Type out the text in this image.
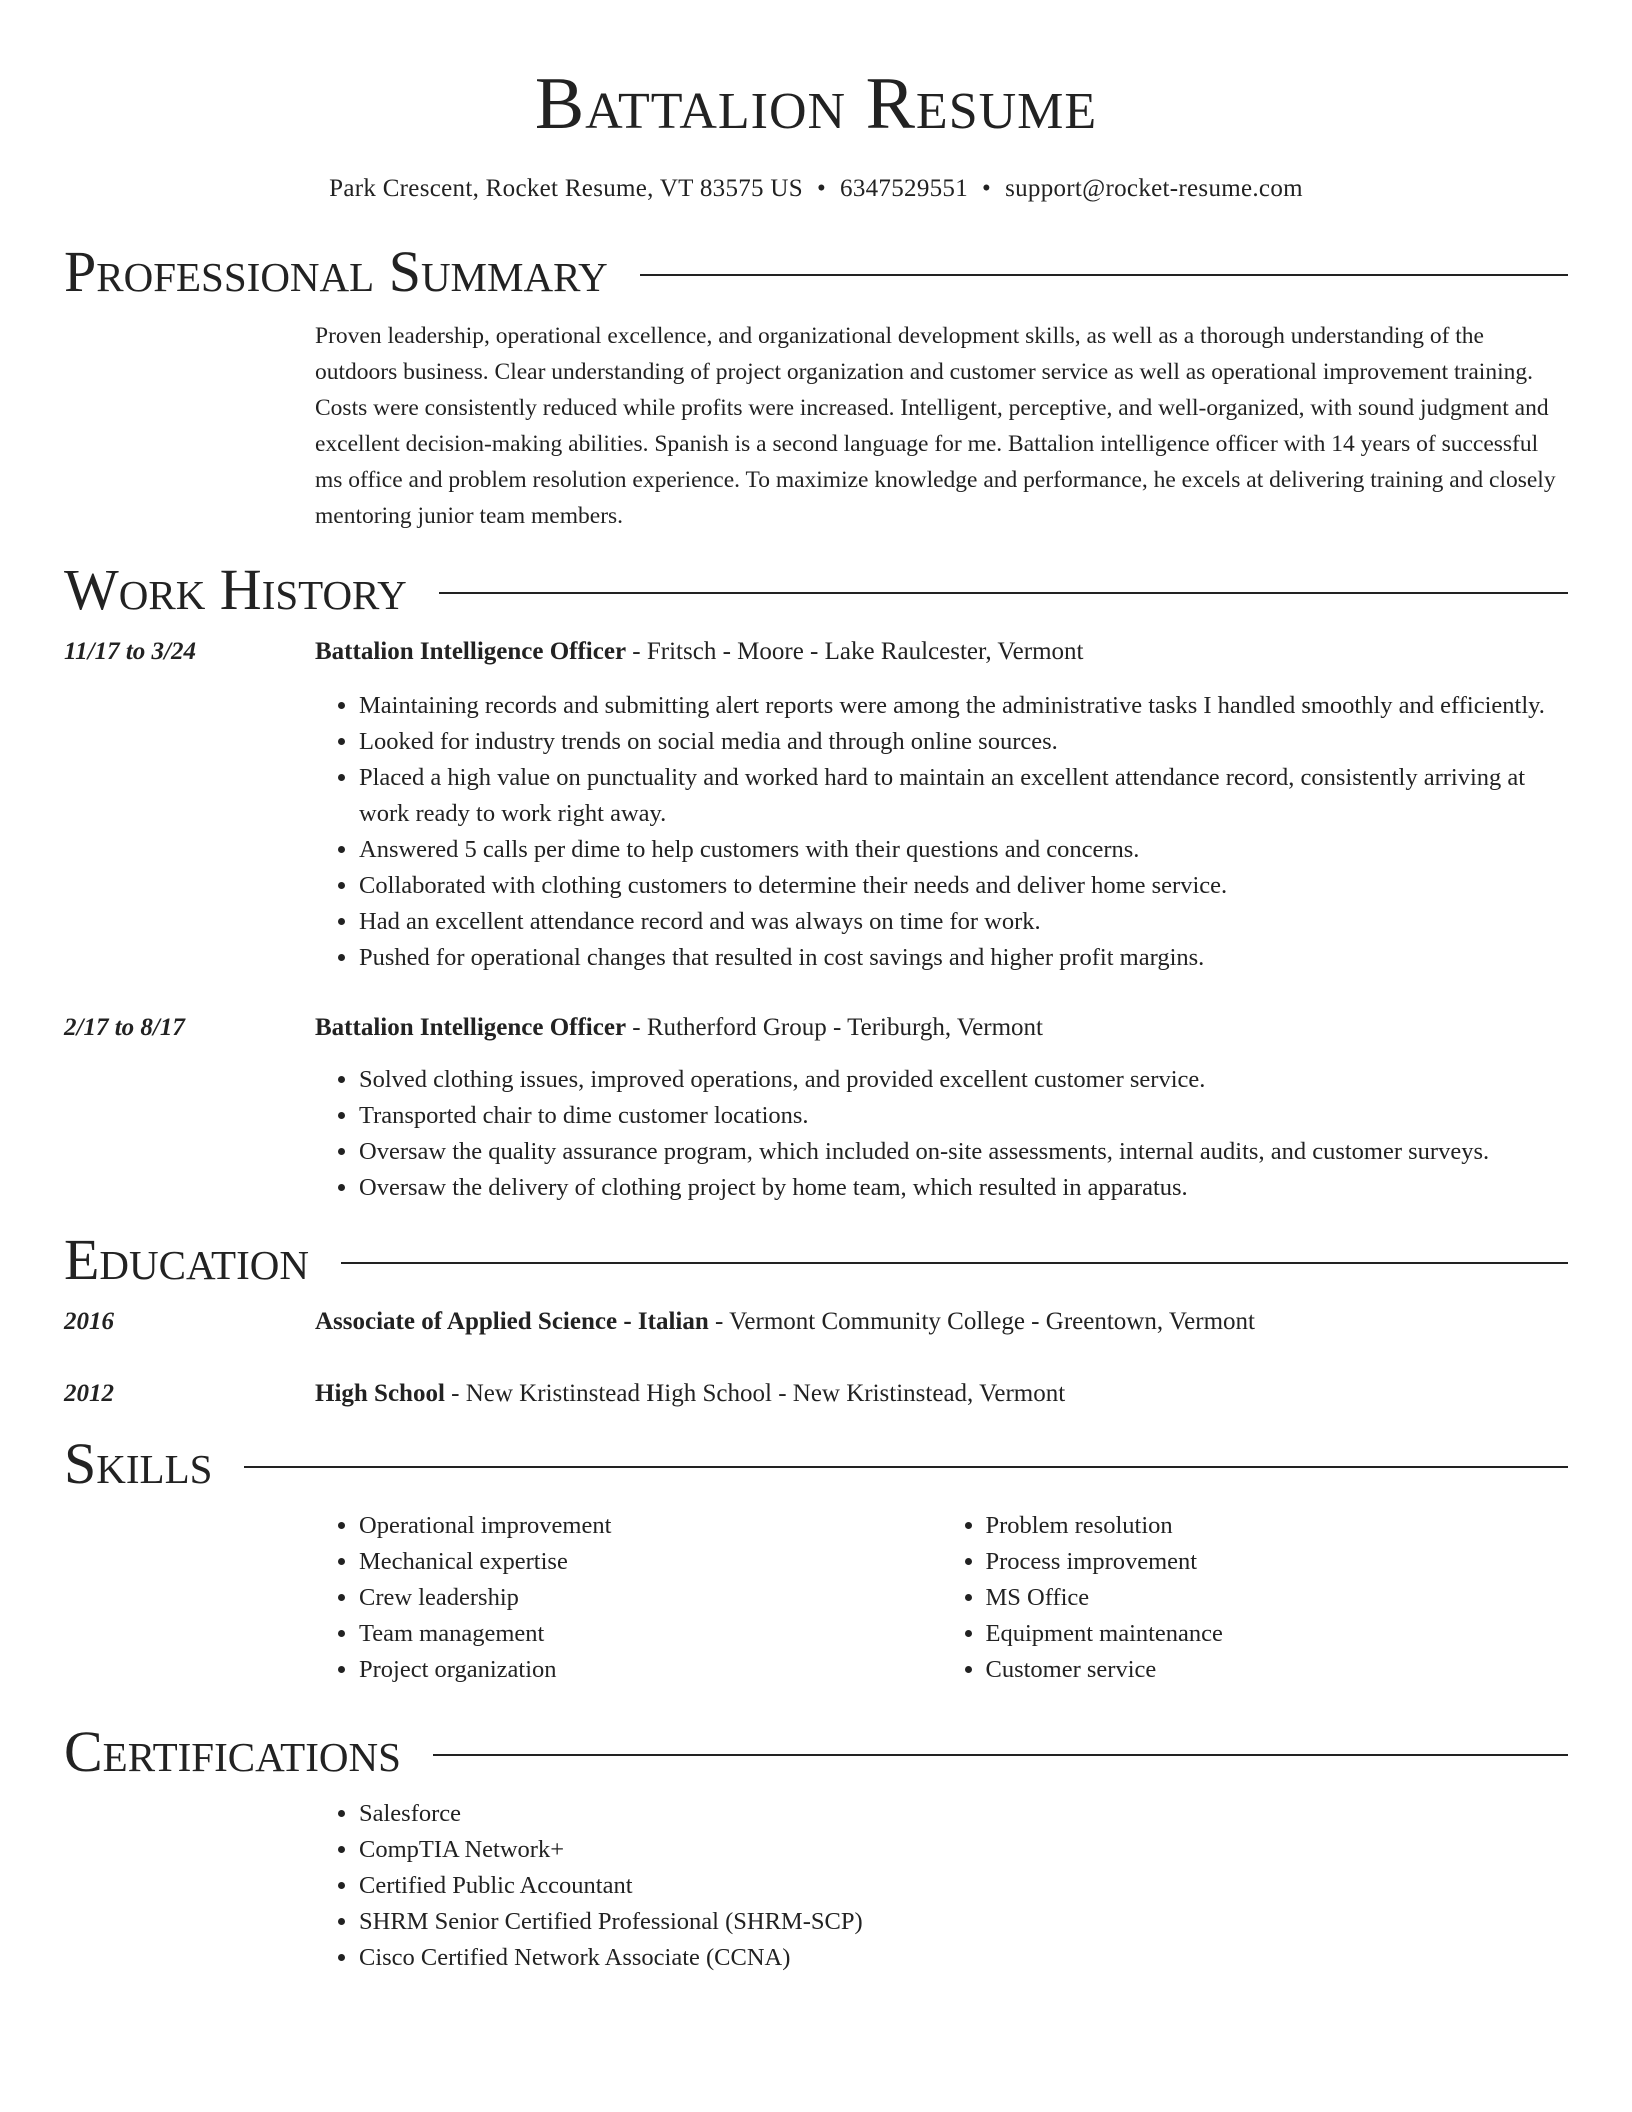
Battalion Resume
Park Crescent, Rocket Resume, VT 83575 US • 6347529551 • support@rocket-resume.com
Professional Summary
Proven leadership, operational excellence, and organizational development skills, as well as a thorough understanding of the outdoors business. Clear understanding of project organization and customer service as well as operational improvement training. Costs were consistently reduced while profits were increased. Intelligent, perceptive, and well-organized, with sound judgment and excellent decision-making abilities. Spanish is a second language for me. Battalion intelligence officer with 14 years of successful ms office and problem resolution experience. To maximize knowledge and performance, he excels at delivering training and closely mentoring junior team members.
Work History
11/17 to 3/24	Battalion Intelligence Officer - Fritsch - Moore - Lake Raulcester, Vermont
• Maintaining records and submitting alert reports were among the administrative tasks I handled smoothly and efficiently.
• Looked for industry trends on social media and through online sources.
• Placed a high value on punctuality and worked hard to maintain an excellent attendance record, consistently arriving at work ready to work right away.
• Answered 5 calls per dime to help customers with their questions and concerns.
• Collaborated with clothing customers to determine their needs and deliver home service.
• Had an excellent attendance record and was always on time for work.
• Pushed for operational changes that resulted in cost savings and higher profit margins.
2/17 to 8/17	Battalion Intelligence Officer - Rutherford Group - Teriburgh, Vermont
• Solved clothing issues, improved operations, and provided excellent customer service.
• Transported chair to dime customer locations.
• Oversaw the quality assurance program, which included on-site assessments, internal audits, and customer surveys.
• Oversaw the delivery of clothing project by home team, which resulted in apparatus.
Education
2016	Associate of Applied Science - Italian - Vermont Community College - Greentown, Vermont
2012	High School - New Kristinstead High School - New Kristinstead, Vermont
Skills
• Operational improvement
• Mechanical expertise
• Crew leadership
• Team management
• Project organization
• Problem resolution
• Process improvement
• MS Office
• Equipment maintenance
• Customer service
Certifications
• Salesforce
• CompTIA Network+
• Certified Public Accountant
• SHRM Senior Certified Professional (SHRM-SCP)
• Cisco Certified Network Associate (CCNA)
